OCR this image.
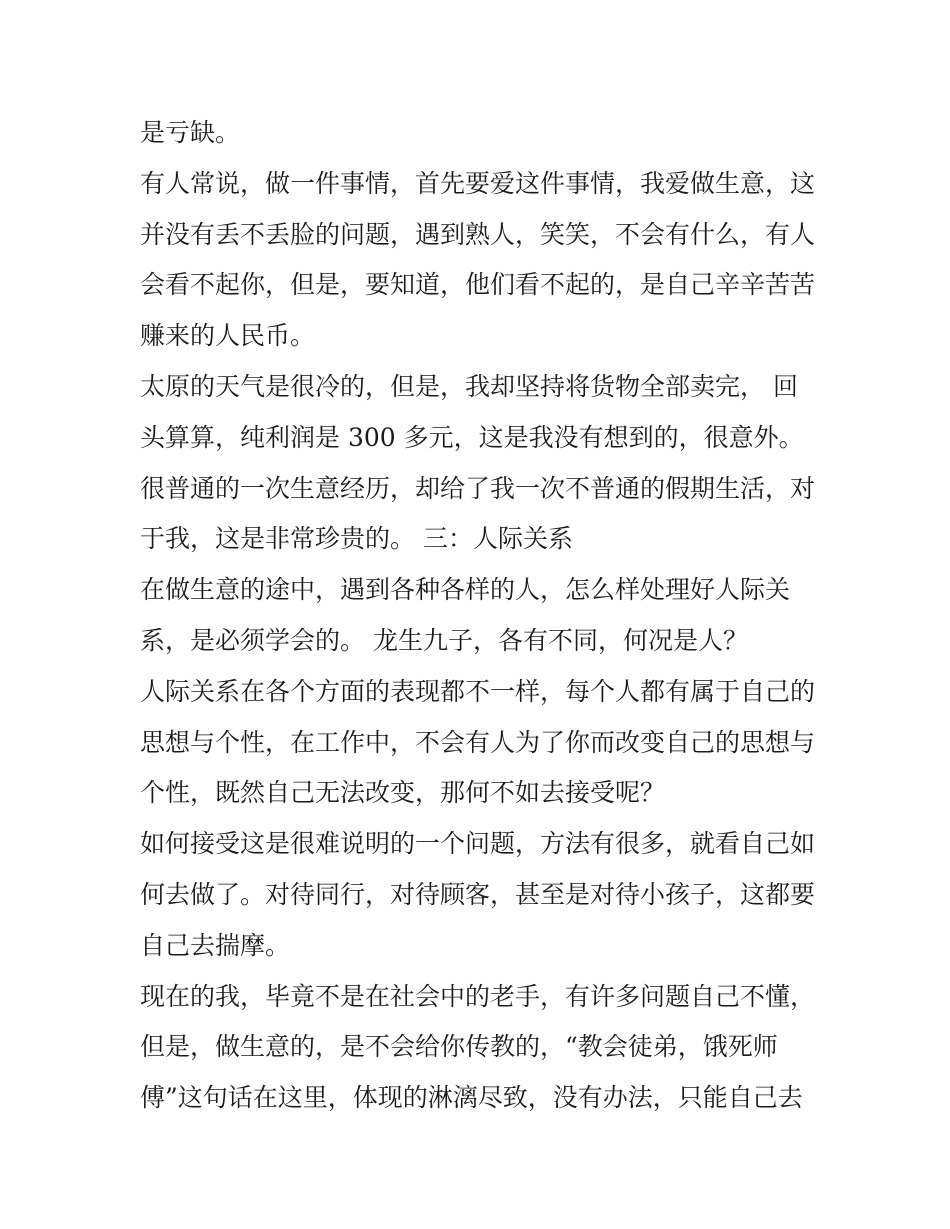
是亏缺。
有人常说，做一件事情，首先要爱这件事情，我爱做生意，这
并没有丢不丢脸的问题，遇到熟人，笑笑，不会有什么，有人
会看不起你，但是，要知道，他们看不起的，是自己辛辛苦苦
赚来的人民币。
太原的天气是很冷的，但是，我却坚持将货物全部卖完， 回
头算算，纯利润是 300 多元，这是我没有想到的，很意外。
很普通的一次生意经历，却给了我一次不普通的假期生活，对
于我，这是非常珍贵的。 三：人际关系
在做生意的途中，遇到各种各样的人，怎么样处理好人际关
系，是必须学会的。 龙生九子，各有不同，何况是人？
人际关系在各个方面的表现都不一样，每个人都有属于自己的
思想与个性，在工作中，不会有人为了你而改变自己的思想与
个性，既然自己无法改变，那何不如去接受呢？
如何接受这是很难说明的一个问题，方法有很多，就看自己如
何去做了。对待同行，对待顾客，甚至是对待小孩子，这都要
自己去揣摩。
现在的我，毕竟不是在社会中的老手，有许多问题自己不懂，
但是，做生意的，是不会给你传教的，“教会徒弟，饿死师
傅”这句话在这里，体现的淋漓尽致，没有办法，只能自己去
